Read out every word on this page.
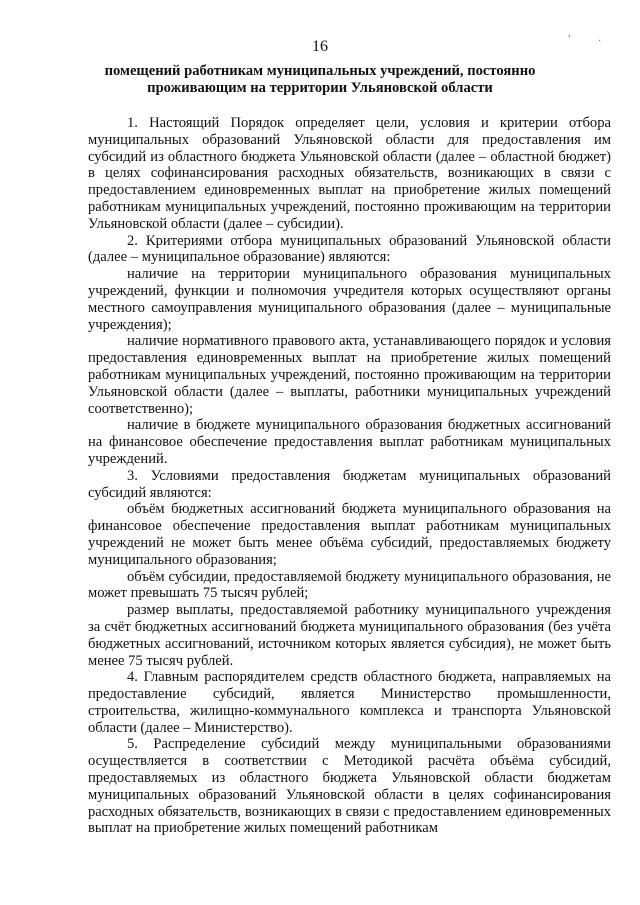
16
,
·
помещений работникам муниципальных учреждений, постоянно
проживающим на территории Ульяновской области

1. Настоящий Порядок определяет цели, условия и критерии отбора муниципальных образований Ульяновской области для предоставления им субсидий из областного бюджета Ульяновской области (далее – областной бюджет) в целях софинансирования расходных обязательств, возникающих в связи с предоставлением единовременных выплат на приобретение жилых помещений работникам муниципальных учреждений, постоянно проживающим на территории Ульяновской области (далее – субсидии).

2. Критериями отбора муниципальных образований Ульяновской области (далее – муниципальное образование) являются:

наличие на территории муниципального образования муниципальных учреждений, функции и полномочия учредителя которых осуществляют органы местного самоуправления муниципального образования (далее – муниципальные учреждения);

наличие нормативного правового акта, устанавливающего порядок и условия предоставления единовременных выплат на приобретение жилых помещений работникам муниципальных учреждений, постоянно проживающим на территории Ульяновской области (далее – выплаты, работники муниципальных учреждений соответственно);

наличие в бюджете муниципального образования бюджетных ассигнований на финансовое обеспечение предоставления выплат работникам муниципальных учреждений.

3. Условиями предоставления бюджетам муниципальных образований субсидий являются:

объём бюджетных ассигнований бюджета муниципального образования на финансовое обеспечение предоставления выплат работникам муниципальных учреждений не может быть менее объёма субсидий, предоставляемых бюджету муниципального образования;

объём субсидии, предоставляемой бюджету муниципального образования, не может превышать 75 тысяч рублей;

размер выплаты, предоставляемой работнику муниципального учреждения за счёт бюджетных ассигнований бюджета муниципального образования (без учёта бюджетных ассигнований, источником которых является субсидия), не может быть менее 75 тысяч рублей.

4. Главным распорядителем средств областного бюджета, направляемых на предоставление субсидий, является Министерство промышленности, строительства, жилищно-коммунального комплекса и транспорта Ульяновской области (далее – Министерство).

5. Распределение субсидий между муниципальными образованиями осуществляется в соответствии с Методикой расчёта объёма субсидий, предоставляемых из областного бюджета Ульяновской области бюджетам муниципальных образований Ульяновской области в целях софинансирования расходных обязательств, возникающих в связи с предоставлением единовременных выплат на приобретение жилых помещений работникам
